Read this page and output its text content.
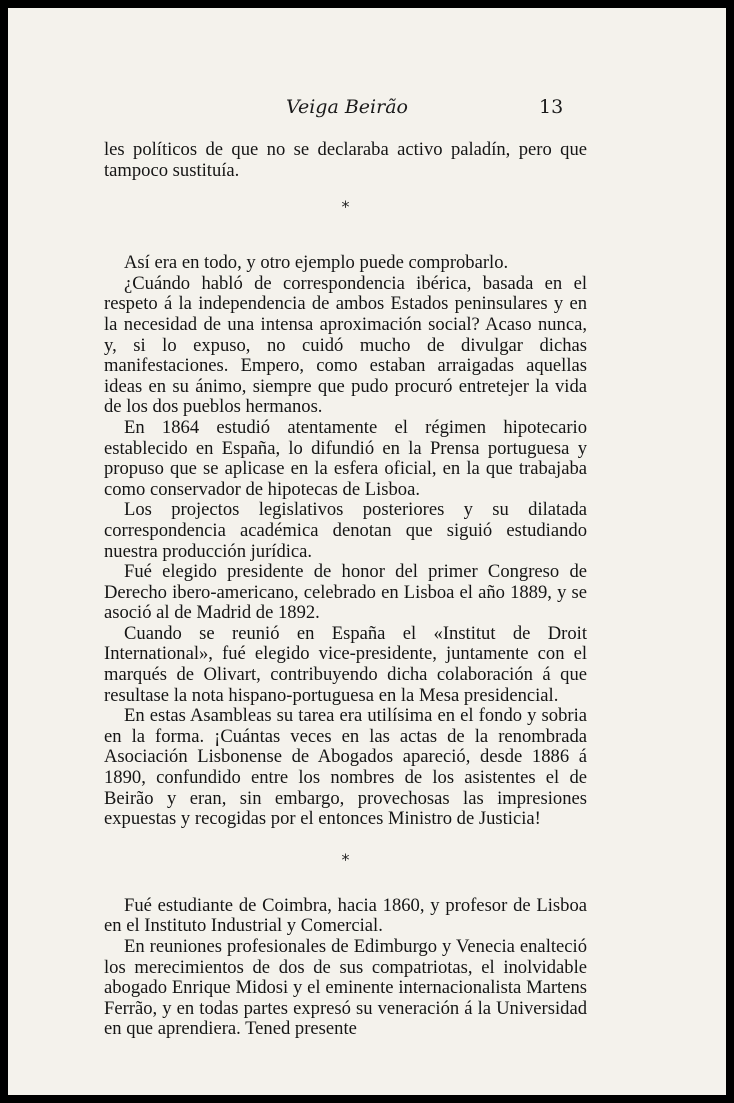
Veiga Beirão	13

les políticos de que no se declaraba activo paladín, pero que tampoco sustituía.

*

Así era en todo, y otro ejemplo puede comprobarlo.

¿Cuándo habló de correspondencia ibérica, basada en el respeto á la independencia de ambos Estados peninsulares y en la necesidad de una intensa aproximación social? Acaso nunca, y, si lo expuso, no cuidó mucho de divulgar dichas manifestaciones. Empero, como estaban arraigadas aquellas ideas en su ánimo, siempre que pudo procuró entretejer la vida de los dos pueblos hermanos.

En 1864 estudió atentamente el régimen hipotecario establecido en España, lo difundió en la Prensa portuguesa y propuso que se aplicase en la esfera oficial, en la que trabajaba como conservador de hipotecas de Lisboa.

Los projectos legislativos posteriores y su dilatada correspondencia académica denotan que siguió estudiando nuestra producción jurídica.

Fué elegido presidente de honor del primer Congreso de Derecho ibero-americano, celebrado en Lisboa el año 1889, y se asoció al de Madrid de 1892.

Cuando se reunió en España el «Institut de Droit International», fué elegido vice-presidente, juntamente con el marqués de Olivart, contribuyendo dicha colaboración á que resultase la nota hispano-portuguesa en la Mesa presidencial.

En estas Asambleas su tarea era utilísima en el fondo y sobria en la forma. ¡Cuántas veces en las actas de la renombrada Asociación Lisbonense de Abogados apareció, desde 1886 á 1890, confundido entre los nombres de los asistentes el de Beirão y eran, sin embargo, provechosas las impresiones expuestas y recogidas por el entonces Ministro de Justicia!

*

Fué estudiante de Coimbra, hacia 1860, y profesor de Lisboa en el Instituto Industrial y Comercial.

En reuniones profesionales de Edimburgo y Venecia enalteció los merecimientos de dos de sus compatriotas, el inolvidable abogado Enrique Midosi y el eminente internacionalista Martens Ferrão, y en todas partes expresó su veneración á la Universidad en que aprendiera. Tened presente
